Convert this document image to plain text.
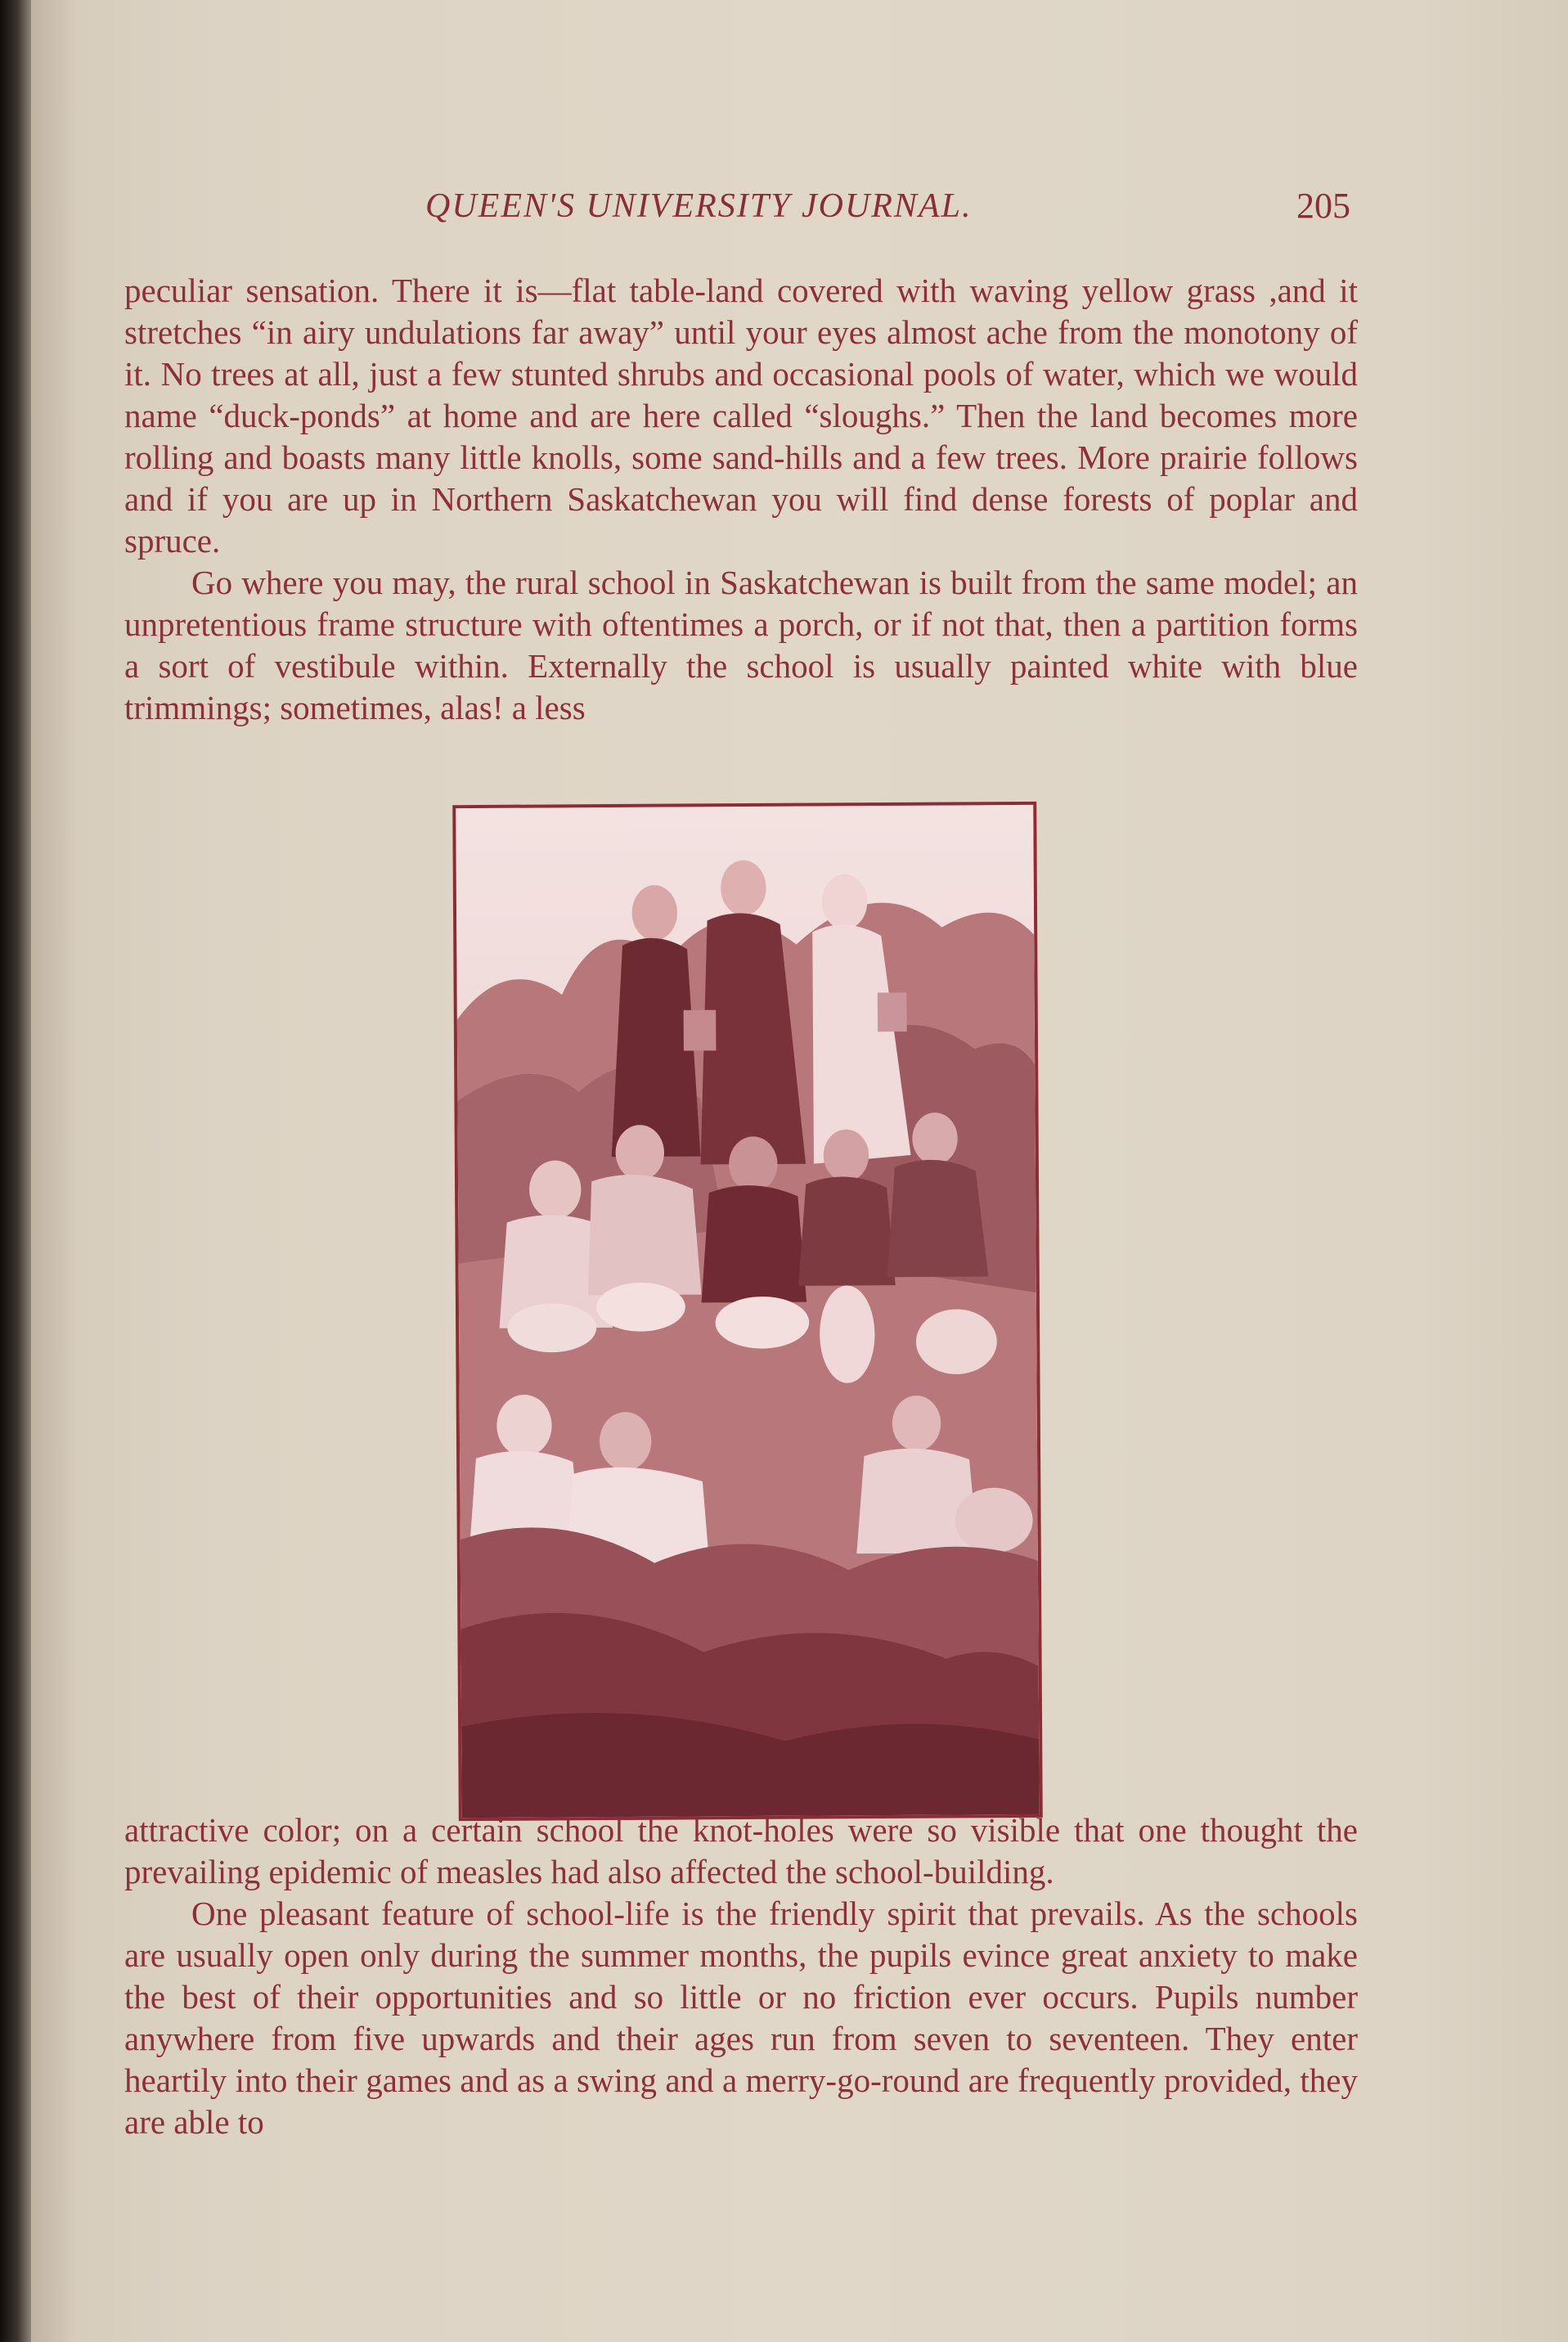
QUEEN'S UNIVERSITY JOURNAL.	205

peculiar sensation. There it is—flat table-land covered with waving yellow grass ,and it stretches “in airy undulations far away” until your eyes almost ache from the monotony of it. No trees at all, just a few stunted shrubs and occasional pools of water, which we would name “duck-ponds” at home and are here called “sloughs.” Then the land becomes more rolling and boasts many little knolls, some sand-hills and a few trees. More prairie follows and if you are up in Northern Saskatchewan you will find dense forests of poplar and spruce.

Go where you may, the rural school in Saskatchewan is built from the same model; an unpretentious frame structure with oftentimes a porch, or if not that, then a partition forms a sort of vestibule within. Externally the school is usually painted white with blue trimmings; sometimes, alas! a less

attractive color; on a certain school the knot-holes were so visible that one thought the prevailing epidemic of measles had also affected the school-building.

One pleasant feature of school-life is the friendly spirit that prevails. As the schools are usually open only during the summer months, the pupils evince great anxiety to make the best of their opportunities and so little or no friction ever occurs. Pupils number anywhere from five upwards and their ages run from seven to seventeen. They enter heartily into their games and as a swing and a merry-go-round are frequently provided, they are able to
